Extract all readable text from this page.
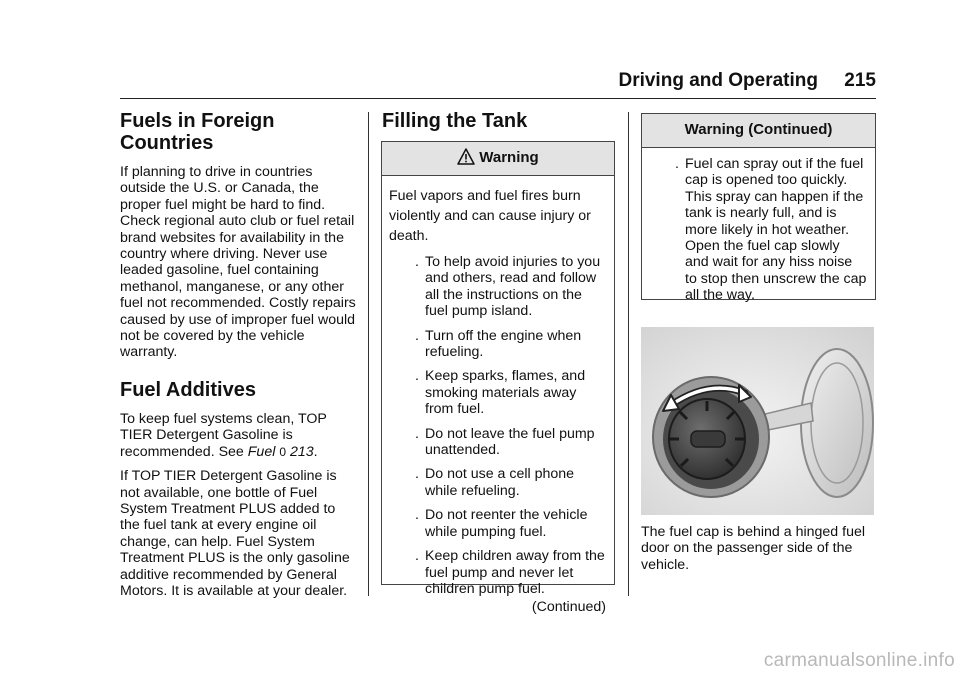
Driving and Operating 215
Fuels in Foreign
Countries

If planning to drive in countries outside the U.S. or Canada, the proper fuel might be hard to find. Check regional auto club or fuel retail brand websites for availability in the country where driving. Never use leaded gasoline, fuel containing methanol, manganese, or any other fuel not recommended. Costly repairs caused by use of improper fuel would not be covered by the vehicle warranty.

Fuel Additives

To keep fuel systems clean, TOP TIER Detergent Gasoline is recommended. See Fuel 0 213.

If TOP TIER Detergent Gasoline is not available, one bottle of Fuel System Treatment PLUS added to the fuel tank at every engine oil change, can help. Fuel System Treatment PLUS is the only gasoline additive recommended by General Motors. It is available at your dealer.

Filling the Tank
Warning

Fuel vapors and fuel fires burn violently and can cause injury or death.

. To help avoid injuries to you and others, read and follow all the instructions on the fuel pump island.
. Turn off the engine when refueling.
. Keep sparks, flames, and smoking materials away from fuel.
. Do not leave the fuel pump unattended.
. Do not use a cell phone while refueling.
. Do not reenter the vehicle while pumping fuel.
. Keep children away from the fuel pump and never let children pump fuel.
(Continued)
Warning (Continued)
. Fuel can spray out if the fuel cap is opened too quickly. This spray can happen if the tank is nearly full, and is more likely in hot weather. Open the fuel cap slowly and wait for any hiss noise to stop then unscrew the cap all the way.
The fuel cap is behind a hinged fuel door on the passenger side of the vehicle.
carmanualsonline.info
